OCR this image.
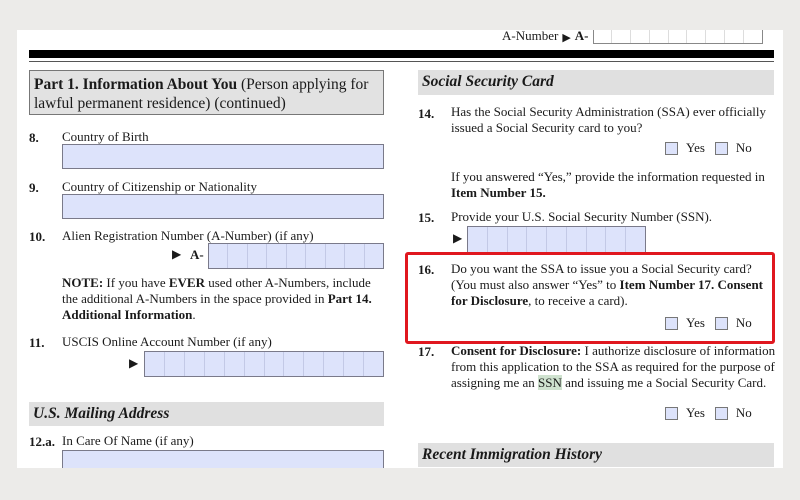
A-Number ▶ A-
Part 1. Information About You (Person applying for lawful permanent residence) (continued)
8. Country of Birth
9. Country of Citizenship or Nationality
10. Alien Registration Number (A-Number) (if any)
▶ A-
NOTE: If you have EVER used other A-Numbers, include the additional A-Numbers in the space provided in Part 14. Additional Information.
11. USCIS Online Account Number (if any)
▶
U.S. Mailing Address
12.a. In Care Of Name (if any)
Social Security Card
14. Has the Social Security Administration (SSA) ever officially issued a Social Security card to you?
Yes No
If you answered “Yes,” provide the information requested in Item Number 15.
15. Provide your U.S. Social Security Number (SSN).
▶
16. Do you want the SSA to issue you a Social Security card?
(You must also answer “Yes” to Item Number 17. Consent for Disclosure, to receive a card).
Yes No
17. Consent for Disclosure: I authorize disclosure of information from this application to the SSA as required for the purpose of assigning me an SSN and issuing me a Social Security Card.
Yes No
Recent Immigration History
